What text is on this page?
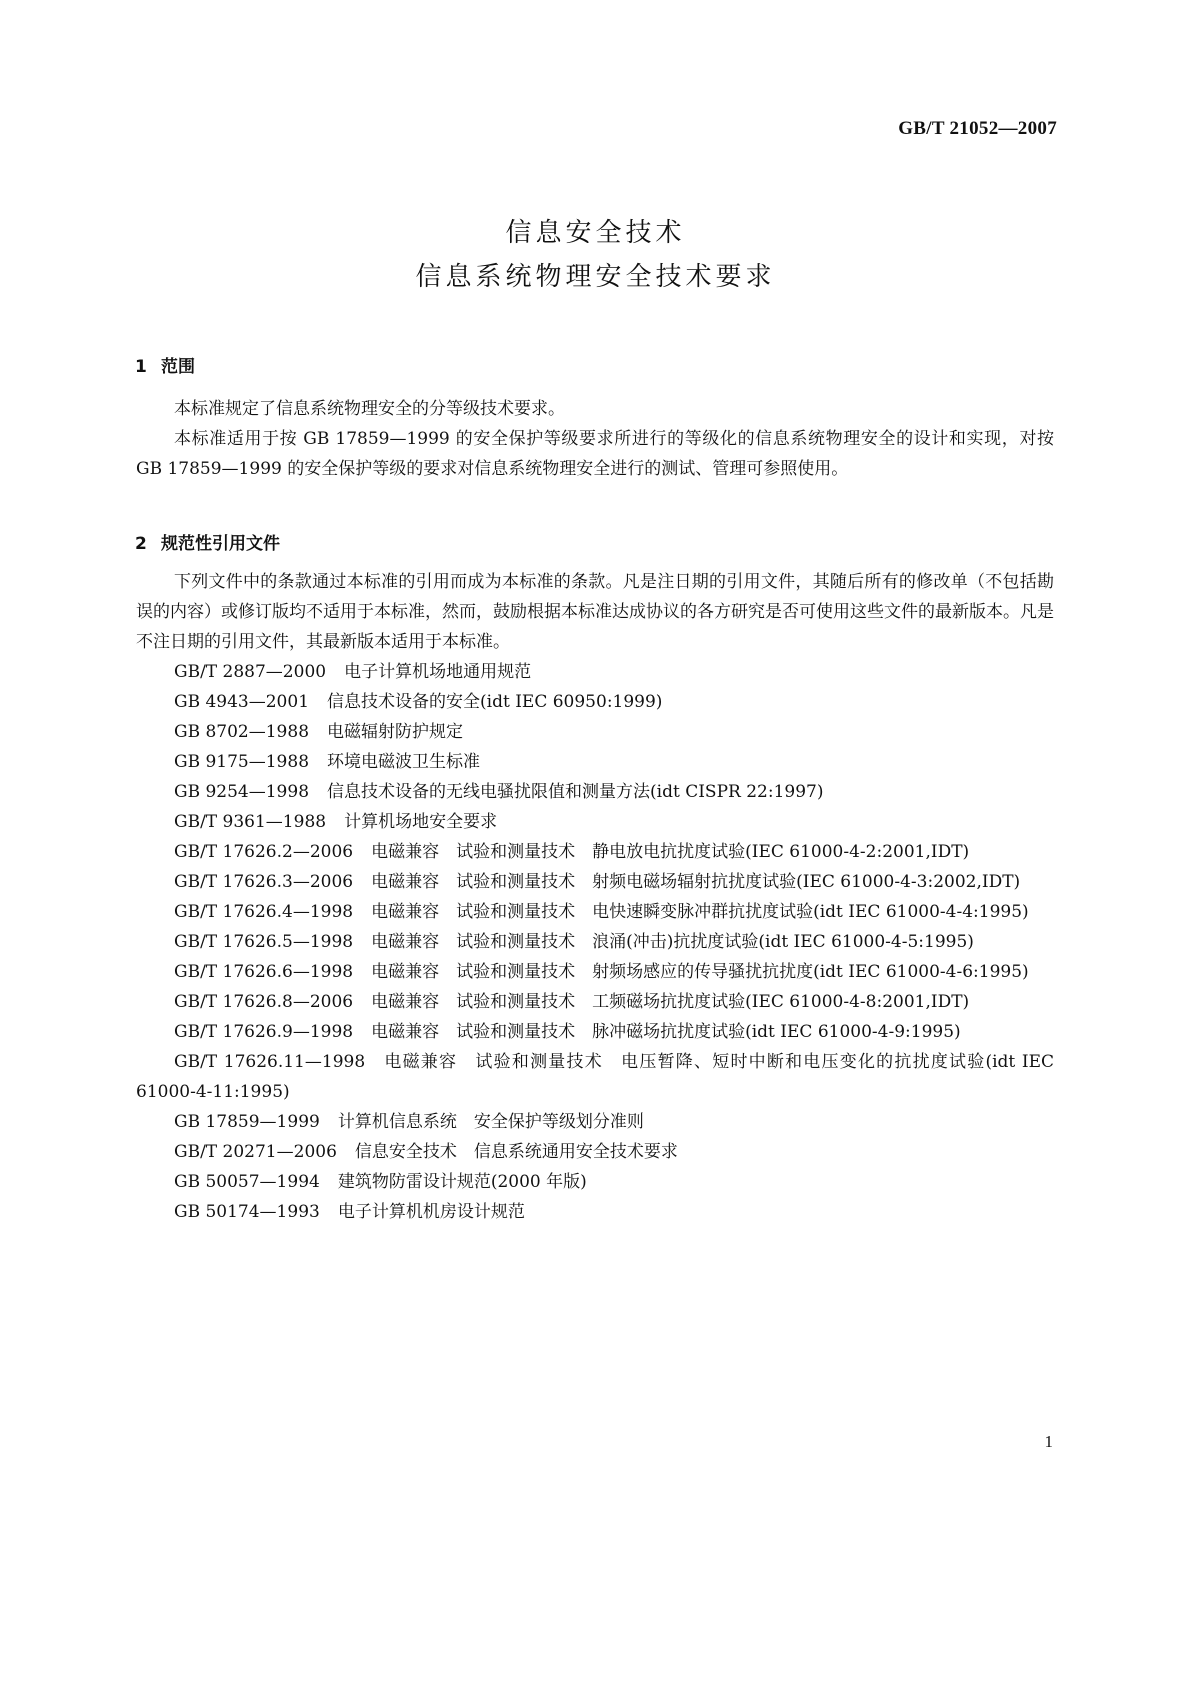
GB/T 21052—2007
信息安全技术
信息系统物理安全技术要求
1 范围

本标准规定了信息系统物理安全的分等级技术要求。

本标准适用于按 GB 17859—1999 的安全保护等级要求所进行的等级化的信息系统物理安全的设计和实现，对按 GB 17859—1999 的安全保护等级的要求对信息系统物理安全进行的测试、管理可参照使用。

2 规范性引用文件

下列文件中的条款通过本标准的引用而成为本标准的条款。凡是注日期的引用文件，其随后所有的修改单（不包括勘误的内容）或修订版均不适用于本标准，然而，鼓励根据本标准达成协议的各方研究是否可使用这些文件的最新版本。凡是不注日期的引用文件，其最新版本适用于本标准。

GB/T 2887—2000 电子计算机场地通用规范

GB 4943—2001 信息技术设备的安全(idt IEC 60950:1999)

GB 8702—1988 电磁辐射防护规定

GB 9175—1988 环境电磁波卫生标准

GB 9254—1998 信息技术设备的无线电骚扰限值和测量方法(idt CISPR 22:1997)

GB/T 9361—1988 计算机场地安全要求

GB/T 17626.2—2006 电磁兼容　试验和测量技术　静电放电抗扰度试验(IEC 61000-4-2:2001,IDT)

GB/T 17626.3—2006 电磁兼容　试验和测量技术　射频电磁场辐射抗扰度试验(IEC 61000-4-3:2002,IDT)

GB/T 17626.4—1998 电磁兼容　试验和测量技术　电快速瞬变脉冲群抗扰度试验(idt IEC 61000-4-4:1995)

GB/T 17626.5—1998 电磁兼容　试验和测量技术　浪涌(冲击)抗扰度试验(idt IEC 61000-4-5:1995)

GB/T 17626.6—1998 电磁兼容　试验和测量技术　射频场感应的传导骚扰抗扰度(idt IEC 61000-4-6:1995)

GB/T 17626.8—2006 电磁兼容　试验和测量技术　工频磁场抗扰度试验(IEC 61000-4-8:2001,IDT)

GB/T 17626.9—1998 电磁兼容　试验和测量技术　脉冲磁场抗扰度试验(idt IEC 61000-4-9:1995)

GB/T 17626.11—1998 电磁兼容　试验和测量技术　电压暂降、短时中断和电压变化的抗扰度试验(idt IEC 61000-4-11:1995)

GB 17859—1999 计算机信息系统　安全保护等级划分准则

GB/T 20271—2006 信息安全技术　信息系统通用安全技术要求

GB 50057—1994 建筑物防雷设计规范(2000 年版)

GB 50174—1993 电子计算机机房设计规范

1
